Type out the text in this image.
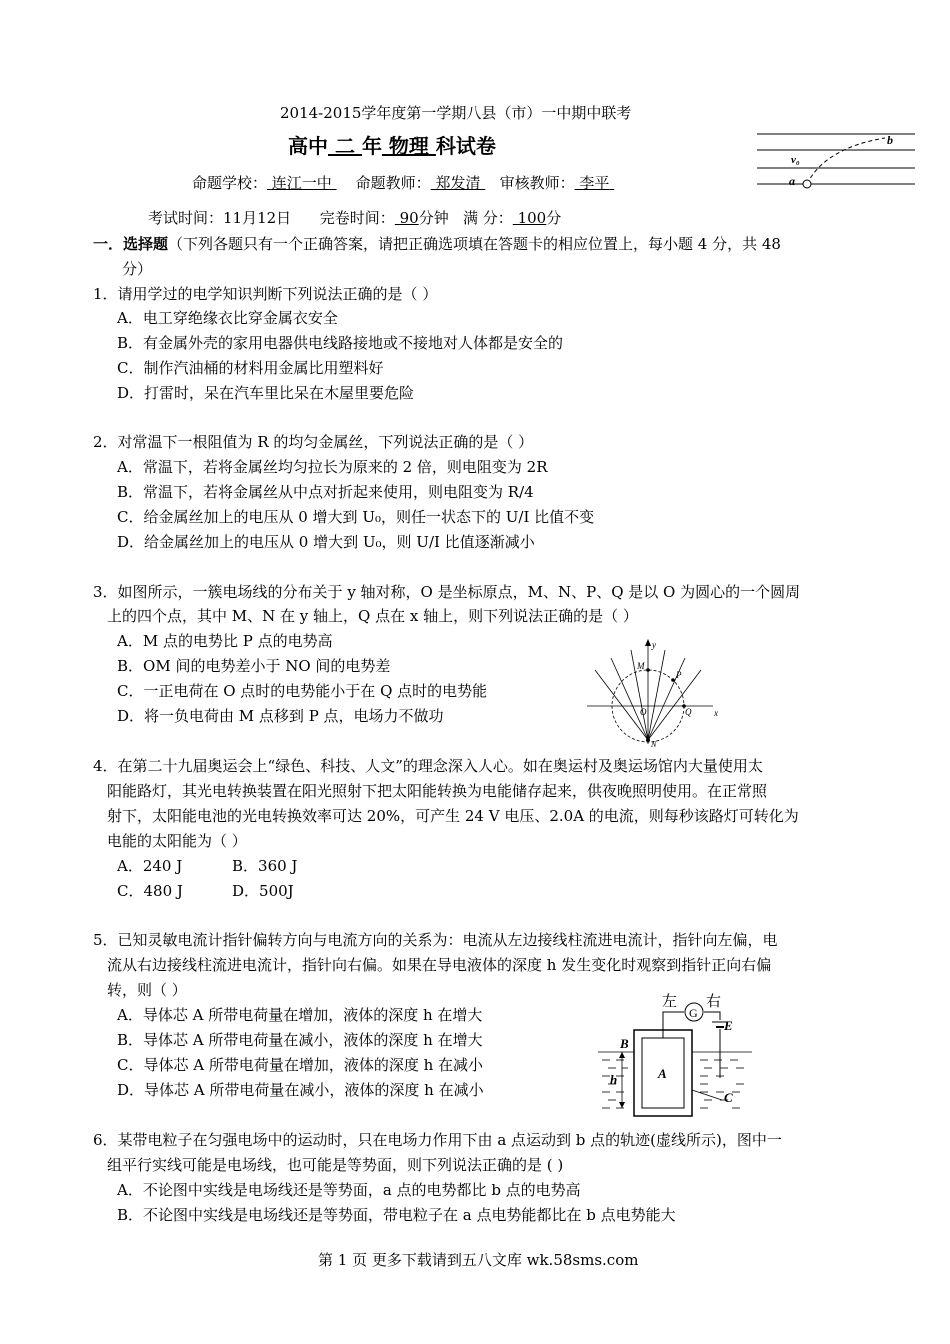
2014-2015学年度第一学期八县（市）一中期中联考
高中 二 年 物理 科试卷
命题学校： 连江一中 命题教师： 郑发清 审核教师： 李平
考试时间：11月12日 完卷时间： 90分钟 满 分： 100分
a
b
v₀
一．选择题（下列各题只有一个正确答案，请把正确选项填在答题卡的相应位置上，每小题 4 分，共 48
分）
1．请用学过的电学知识判断下列说法正确的是（ ）
A．电工穿绝缘衣比穿金属衣安全
B．有金属外壳的家用电器供电线路接地或不接地对人体都是安全的
C．制作汽油桶的材料用金属比用塑料好
D．打雷时，呆在汽车里比呆在木屋里要危险
2．对常温下一根阻值为 R 的均匀金属丝，下列说法正确的是（ ）
A．常温下，若将金属丝均匀拉长为原来的 2 倍，则电阻变为 2R
B．常温下，若将金属丝从中点对折起来使用，则电阻变为 R/4
C．给金属丝加上的电压从 0 增大到 U₀，则任一状态下的 U/I 比值不变
D．给金属丝加上的电压从 0 增大到 U₀，则 U/I 比值逐渐减小
3．如图所示，一簇电场线的分布关于 y 轴对称，O 是坐标原点，M、N、P、Q 是以 O 为圆心的一个圆周
上的四个点，其中 M、N 在 y 轴上，Q 点在 x 轴上，则下列说法正确的是（ ）
A．M 点的电势比 P 点的电势高
B．OM 间的电势差小于 NO 间的电势差
C．一正电荷在 O 点时的电势能小于在 Q 点时的电势能
D．将一负电荷由 M 点移到 P 点，电场力不做功
y
x
M
P
O	Q
N
4．在第二十九届奥运会上“绿色、科技、人文”的理念深入人心。如在奥运村及奥运场馆内大量使用太
阳能路灯，其光电转换装置在阳光照射下把太阳能转换为电能储存起来，供夜晚照明使用。在正常照
射下，太阳能电池的光电转换效率可达 20%，可产生 24 V 电压、2.0A 的电流，则每秒该路灯可转化为
电能的太阳能为（ ）
A．240 J	B．360 J
C．480 J	D．500J
5．已知灵敏电流计指针偏转方向与电流方向的关系为：电流从左边接线柱流进电流计，指针向左偏，电
流从右边接线柱流进电流计，指针向右偏。如果在导电液体的深度 h 发生变化时观察到指针正向右偏
转，则（ ）
A．导体芯 A 所带电荷量在增加，液体的深度 h 在增大
B．导体芯 A 所带电荷量在减小，液体的深度 h 在增大
C．导体芯 A 所带电荷量在增加，液体的深度 h 在减小
D．导体芯 A 所带电荷量在减小，液体的深度 h 在减小
G
左 右
E
B
A
h
C
6．某带电粒子在匀强电场中的运动时，只在电场力作用下由 a 点运动到 b 点的轨迹(虚线所示)，图中一
组平行实线可能是电场线，也可能是等势面，则下列说法正确的是 ( )
A．不论图中实线是电场线还是等势面，a 点的电势都比 b 点的电势高
B．不论图中实线是电场线还是等势面，带电粒子在 a 点电势能都比在 b 点电势能大
第 1 页 更多下载请到五八文库 wk.58sms.com
